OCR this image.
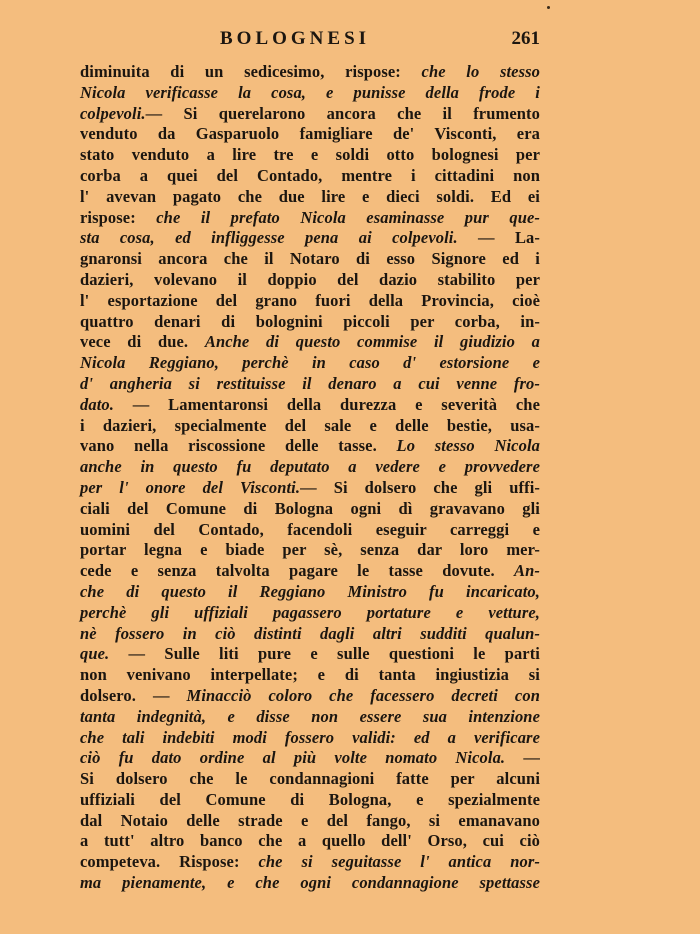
BOLOGNESI	261
diminuita di un sedicesimo, rispose: che lo stesso
Nicola verificasse la cosa, e punisse della frode i
colpevoli.— Si querelarono ancora che il frumento
venduto da Gasparuolo famigliare de' Visconti, era
stato venduto a lire tre e soldi otto bolognesi per
corba a quei del Contado, mentre i cittadini non
l' avevan pagato che due lire e dieci soldi. Ed ei
rispose: che il prefato Nicola esaminasse pur que-
sta cosa, ed infliggesse pena ai colpevoli. — La-
gnaronsi ancora che il Notaro di esso Signore ed i
dazieri, volevano il doppio del dazio stabilito per
l' esportazione del grano fuori della Provincia, cioè
quattro denari di bolognini piccoli per corba, in-
vece di due. Anche di questo commise il giudizio a
Nicola Reggiano, perchè in caso d' estorsione e
d' angheria si restituisse il denaro a cui venne fro-
dato. — Lamentaronsi della durezza e severità che
i dazieri, specialmente del sale e delle bestie, usa-
vano nella riscossione delle tasse. Lo stesso Nicola
anche in questo fu deputato a vedere e provvedere
per l' onore del Visconti.— Si dolsero che gli uffi-
ciali del Comune di Bologna ogni dì gravavano gli
uomini del Contado, facendoli eseguir carreggi e
portar legna e biade per sè, senza dar loro mer-
cede e senza talvolta pagare le tasse dovute. An-
che di questo il Reggiano Ministro fu incaricato,
perchè gli uffiziali pagassero portature e vetture,
nè fossero in ciò distinti dagli altri sudditi qualun-
que. — Sulle liti pure e sulle questioni le parti
non venivano interpellate; e di tanta ingiustizia si
dolsero. — Minacciò coloro che facessero decreti con
tanta indegnità, e disse non essere sua intenzione
che tali indebiti modi fossero validi: ed a verificare
ciò fu dato ordine al più volte nomato Nicola. —
Si dolsero che le condannagioni fatte per alcuni
uffiziali del Comune di Bologna, e spezialmente
dal Notaio delle strade e del fango, si emanavano
a tutt' altro banco che a quello dell' Orso, cui ciò
competeva. Rispose: che si seguitasse l' antica nor-
ma pienamente, e che ogni condannagione spettasse
